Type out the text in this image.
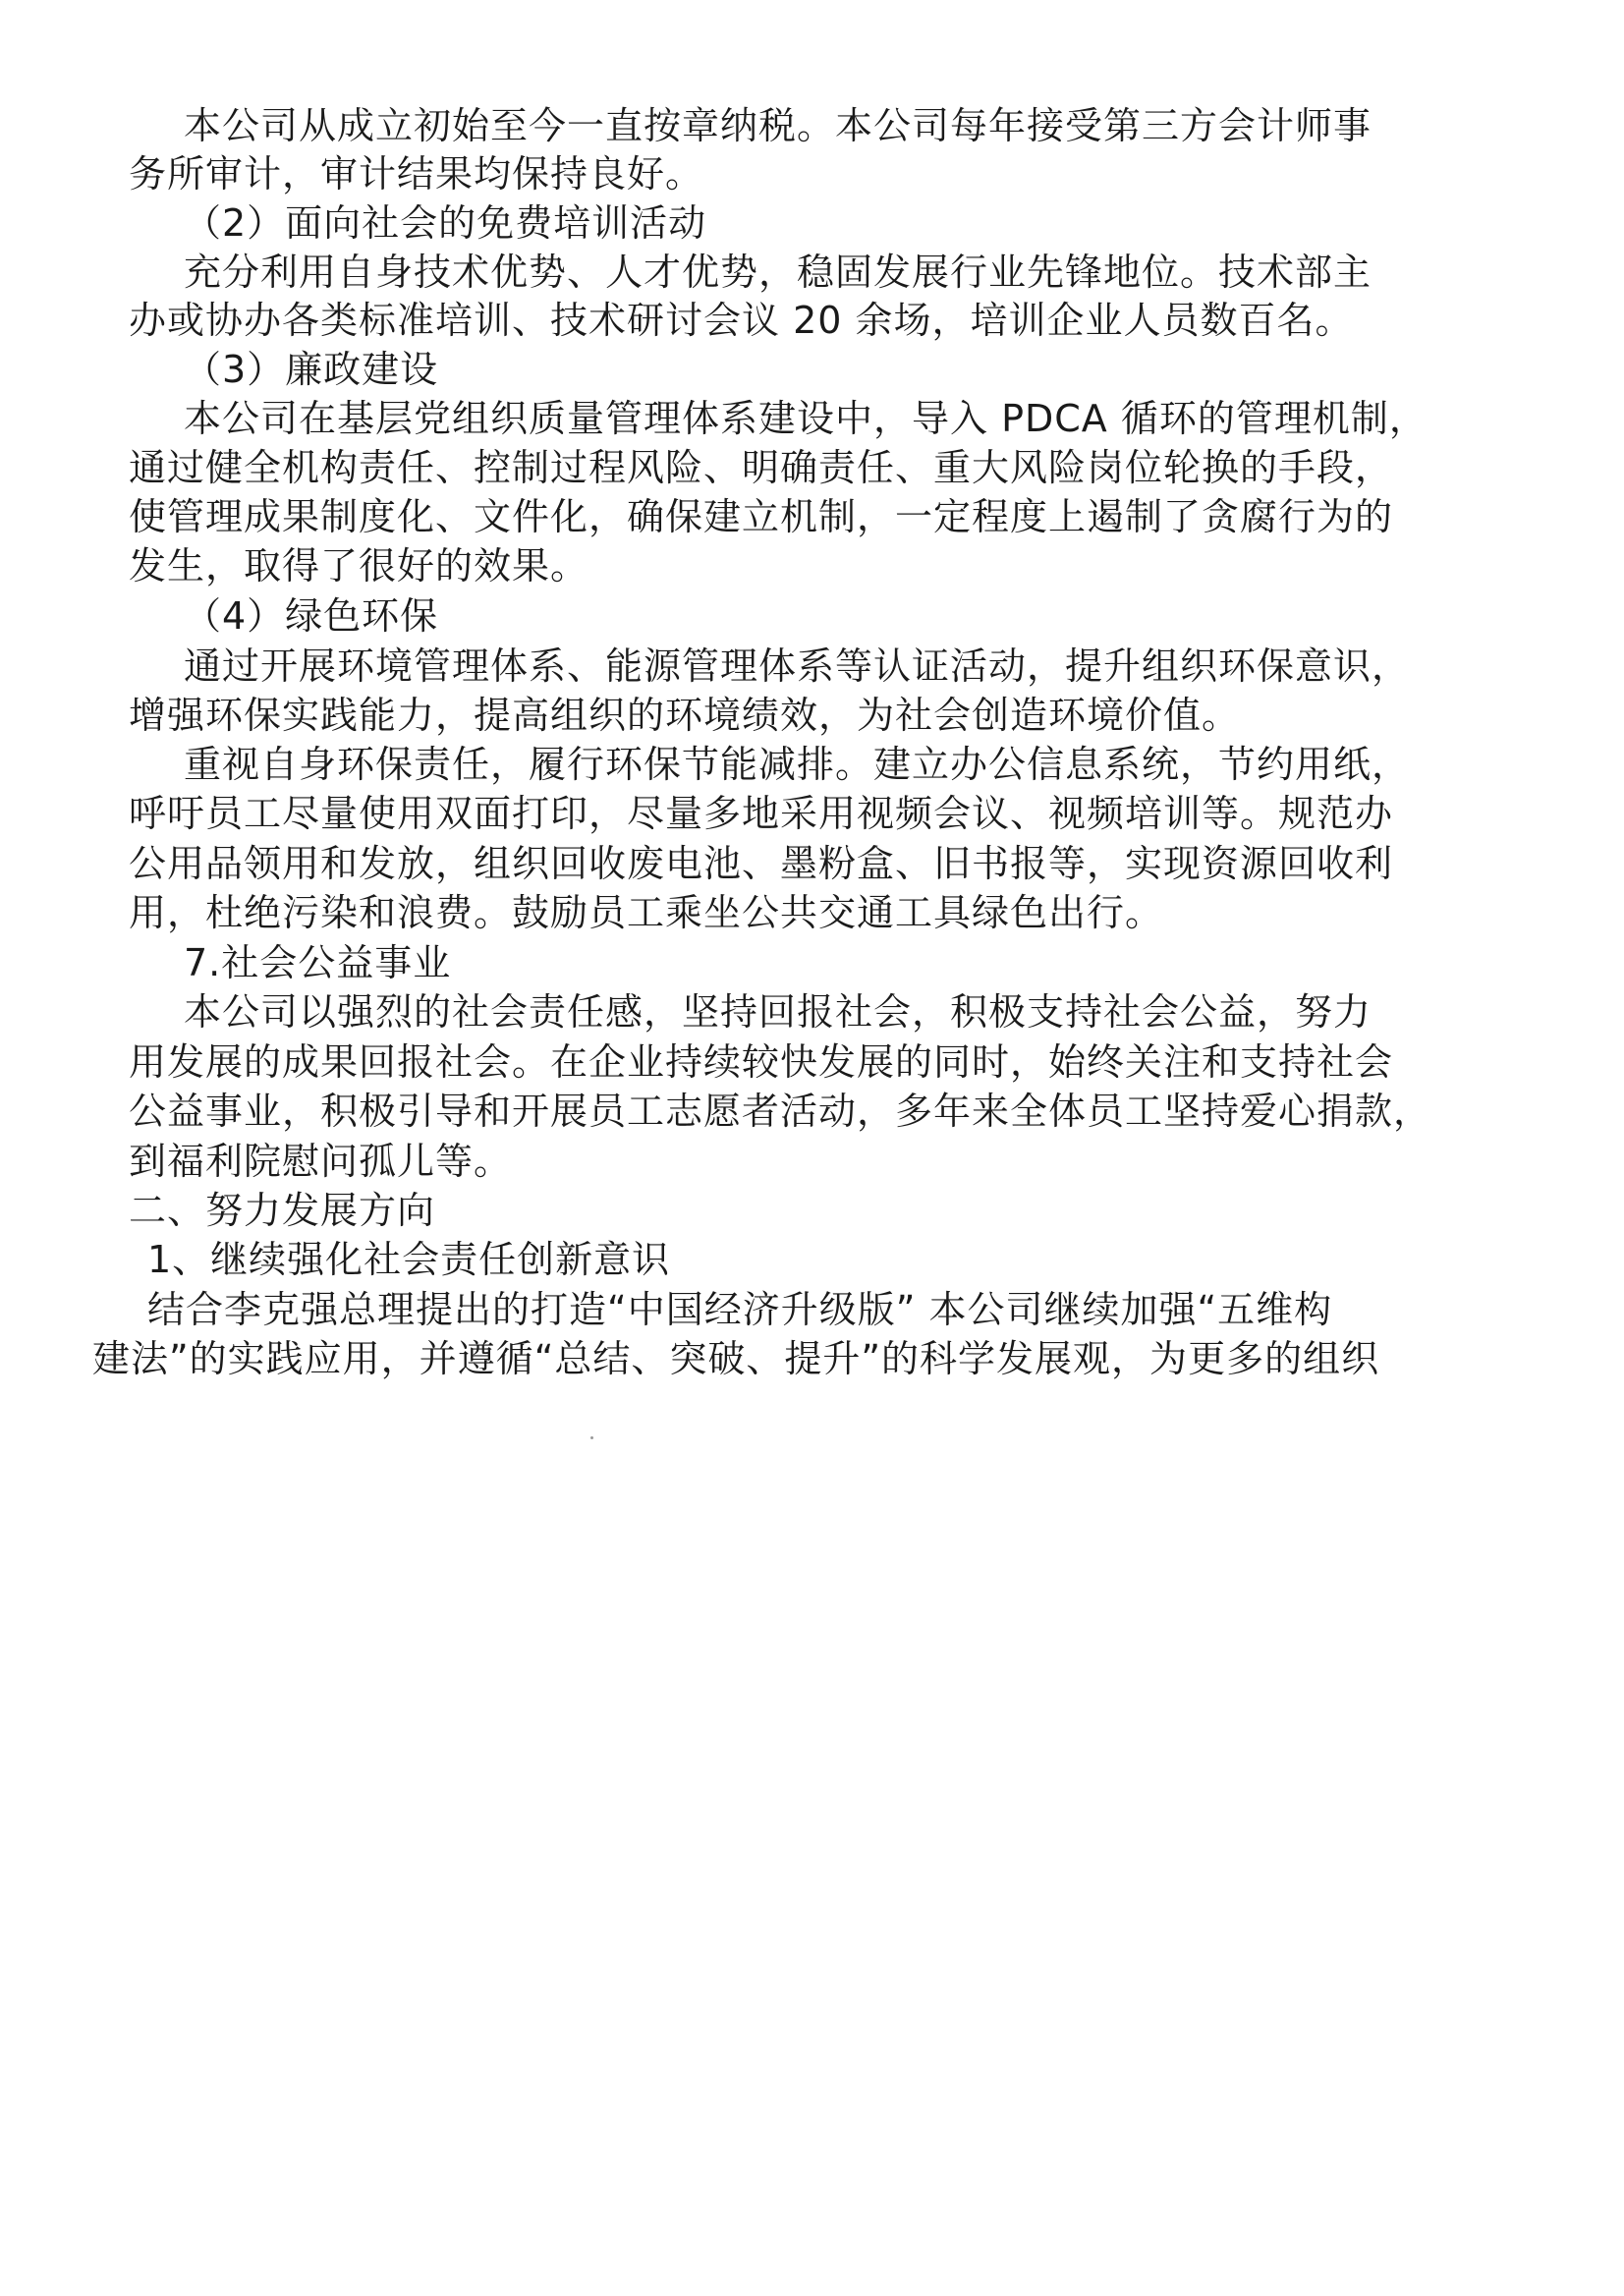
本公司从成立初始至今一直按章纳税。本公司每年接受第三方会计师事
务所审计，审计结果均保持良好。
（2）面向社会的免费培训活动
充分利用自身技术优势、人才优势，稳固发展行业先锋地位。技术部主
办或协办各类标准培训、技术研讨会议 20 余场，培训企业人员数百名。
（3）廉政建设
本公司在基层党组织质量管理体系建设中，导入 PDCA 循环的管理机制，
通过健全机构责任、控制过程风险、明确责任、重大风险岗位轮换的手段，
使管理成果制度化、文件化，确保建立机制，一定程度上遏制了贪腐行为的
发生，取得了很好的效果。
（4）绿色环保
通过开展环境管理体系、能源管理体系等认证活动，提升组织环保意识，
增强环保实践能力，提高组织的环境绩效，为社会创造环境价值。
重视自身环保责任，履行环保节能减排。建立办公信息系统，节约用纸，
呼吁员工尽量使用双面打印，尽量多地采用视频会议、视频培训等。规范办
公用品领用和发放，组织回收废电池、墨粉盒、旧书报等，实现资源回收利
用，杜绝污染和浪费。鼓励员工乘坐公共交通工具绿色出行。
7.社会公益事业
本公司以强烈的社会责任感，坚持回报社会，积极支持社会公益，努力
用发展的成果回报社会。在企业持续较快发展的同时，始终关注和支持社会
公益事业，积极引导和开展员工志愿者活动，多年来全体员工坚持爱心捐款，
到福利院慰问孤儿等。
二、努力发展方向
1、继续强化社会责任创新意识
结合李克强总理提出的打造“中国经济升级版” 本公司继续加强“五维构
建法”的实践应用，并遵循“总结、突破、提升”的科学发展观，为更多的组织
